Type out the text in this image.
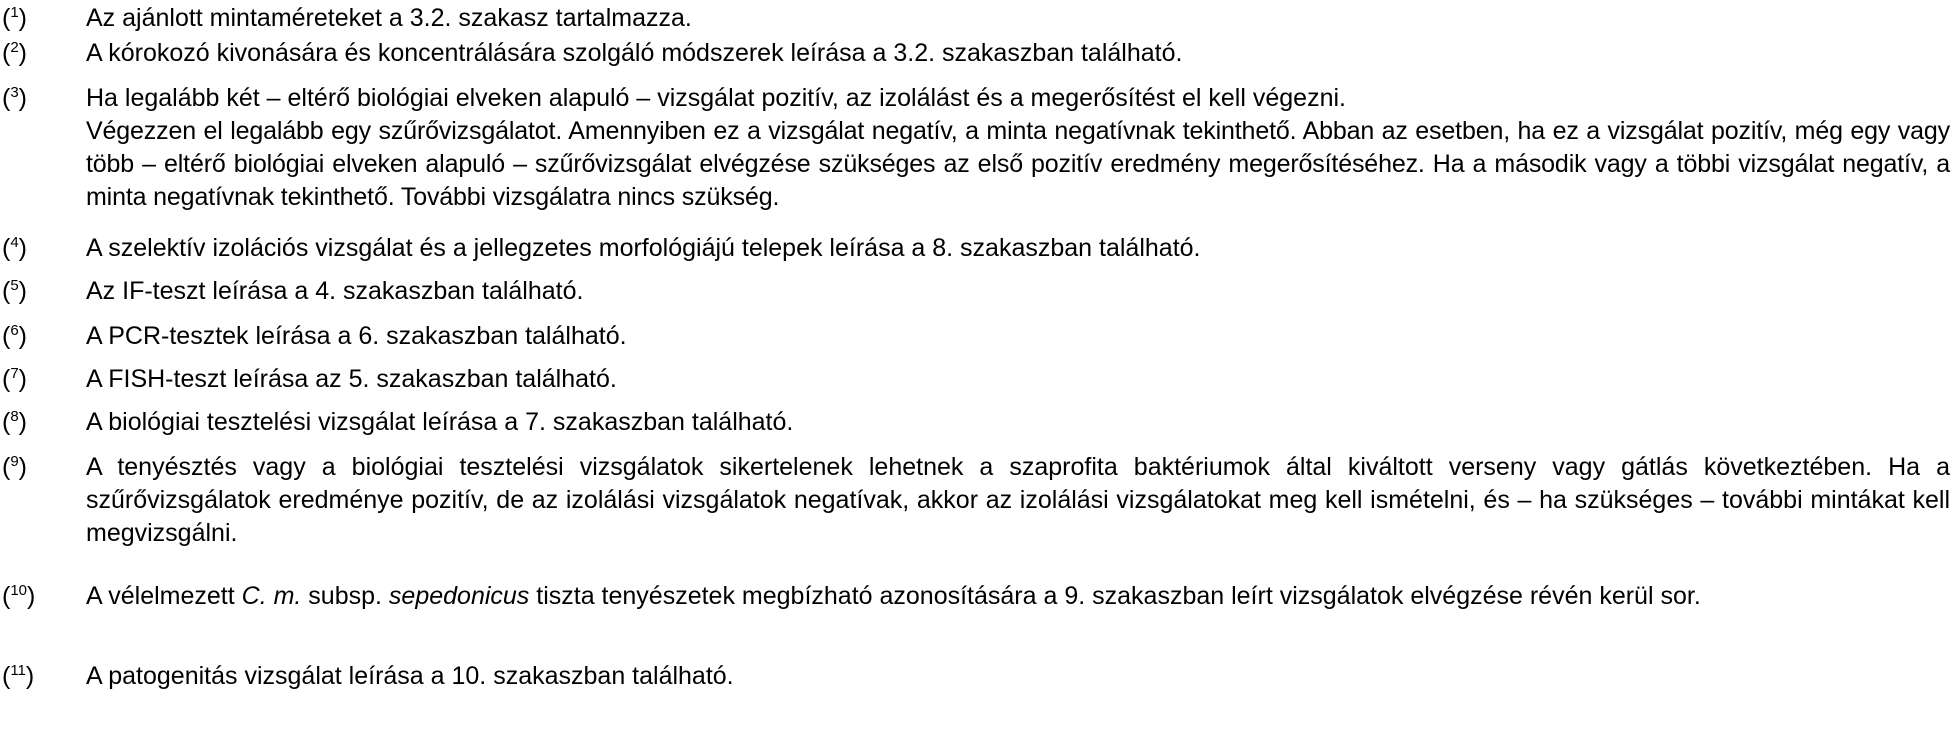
($^1$) Az ajánlott mintaméreteket a 3.2. szakasz tartalmazza.

($^2$) A kórokozó kivonására és koncentrálására szolgáló módszerek leírása a 3.2. szakaszban található.

($^3$) Ha legalább két – eltérő biológiai elveken alapuló – vizsgálat pozitív, az izolálást és a megerősítést el kell végezni.

Végezzen el legalább egy szűrővizsgálatot. Amennyiben ez a vizsgálat negatív, a minta negatívnak tekinthető. Abban az esetben, ha ez a vizsgálat pozitív, még egy vagy több – eltérő biológiai elveken alapuló – szűrővizsgálat elvégzése szükséges az első pozitív eredmény megerősítéséhez. Ha a második vagy a többi vizsgálat negatív, a minta negatívnak tekinthető. További vizsgálatra nincs szükség.

($^4$) A szelektív izolációs vizsgálat és a jellegzetes morfológiájú telepek leírása a 8. szakaszban található.

($^5$) Az IF-teszt leírása a 4. szakaszban található.

($^6$) A PCR-tesztek leírása a 6. szakaszban található.

($^7$) A FISH-teszt leírása az 5. szakaszban található.

($^8$) A biológiai tesztelési vizsgálat leírása a 7. szakaszban található.

($^9$) A tenyésztés vagy a biológiai tesztelési vizsgálatok sikertelenek lehetnek a szaprofita baktériumok által kiváltott verseny vagy gátlás következtében. Ha a szűrővizsgálatok eredménye pozitív, de az izolálási vizsgálatok negatívak, akkor az izolálási vizsgálatokat meg kell ismételni, és – ha szükséges – további mintákat kell megvizsgálni.

($^{10}$) A vélelmezett C. m. subsp. sepedonicus tiszta tenyészetek megbízható azonosítására a 9. szakaszban leírt vizsgálatok elvégzése révén kerül sor.

($^{11}$) A patogenitás vizsgálat leírása a 10. szakaszban található.
